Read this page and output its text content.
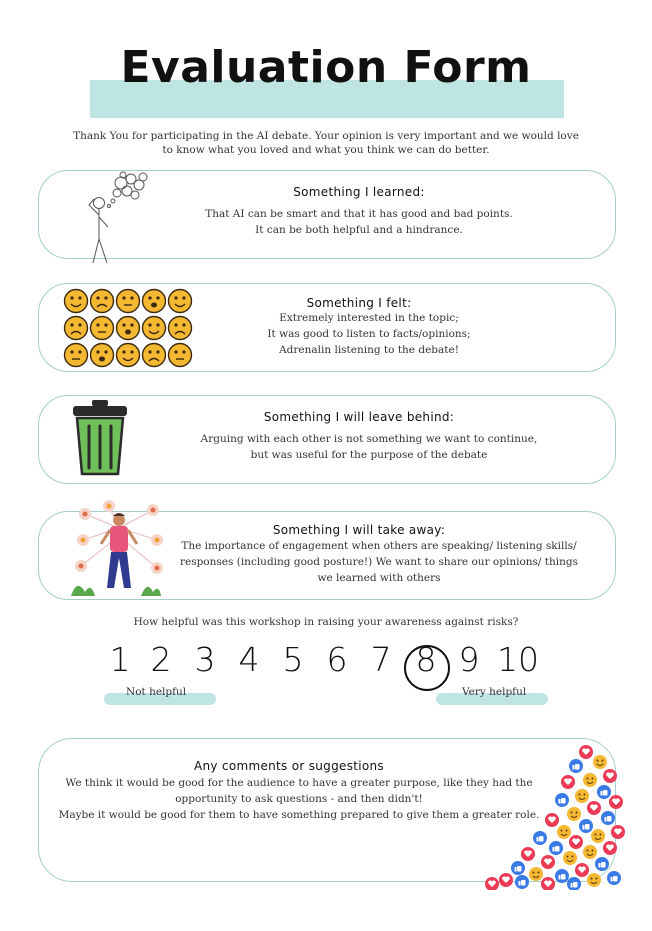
Evaluation Form
Thank You for participating in the AI debate. Your opinion is very important and we would love to know what you loved and what you think we can do better.
Something I learned:
That AI can be smart and that it has good and bad points.
It can be both helpful and a hindrance.
Something I felt:
Extremely interested in the topic;
It was good to listen to facts/opinions;
Adrenalin listening to the debate!
Something I will leave behind:
Arguing with each other is not something we want to continue,
but was useful for the purpose of the debate
Something I will take away:
The importance of engagement when others are speaking/ listening skills/
responses (including good posture!) We want to share our opinions/ things
we learned with others
How helpful was this workshop in raising your awareness against risks?
1 2 3 4 5 6 7 8 9 10
Not helpful	Very helpful
Any comments or suggestions
We think it would be good for the audience to have a greater purpose, like they had the
opportunity to ask questions - and then didn't!
Maybe it would be good for them to have something prepared to give them a greater role.
